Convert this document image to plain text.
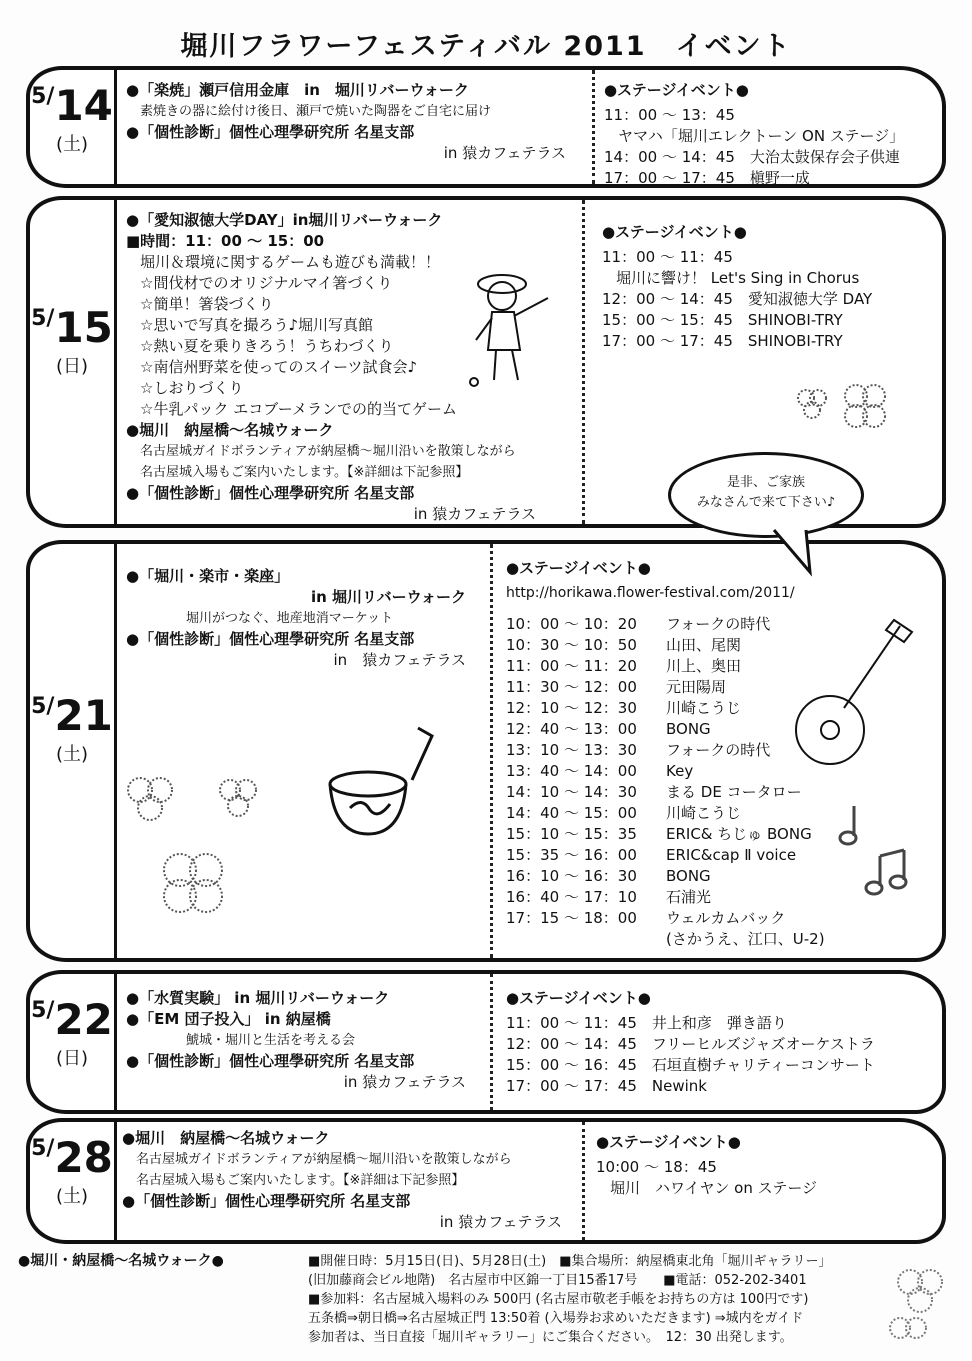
堀川フラワーフェスティバル 2011　イベント
5/14
(土)
●「楽焼」瀬戸信用金庫　in　堀川リバーウォーク
素焼きの器に絵付け後日、瀬戸で焼いた陶器をご自宅に届け
●「個性診断」個性心理學研究所 名星支部
in 猿カフェテラス
●ステージイベント●
11：00 〜 13：45
ヤマハ「堀川エレクトーン ON ステージ」
14：00 〜 14：45　大治太鼓保存会子供連
17：00 〜 17：45　槇野一成
5/15
(日)
●「愛知淑徳大学DAY」in堀川リバーウォーク
■時間：11：00 〜 15：00
堀川＆環境に関するゲームも遊びも満載！！
☆間伐材でのオリジナルマイ箸づくり
☆簡単！箸袋づくり
☆思いで写真を撮ろう♪堀川写真館
☆熱い夏を乗りきろう！うちわづくり
☆南信州野菜を使ってのスイーツ試食会♪
☆しおりづくり
☆牛乳パック エコブーメランでの的当てゲーム
●堀川　納屋橋〜名城ウォーク
名古屋城ガイドボランティアが納屋橋〜堀川沿いを散策しながら
名古屋城入場もご案内いたします。【※詳細は下記参照】
●「個性診断」個性心理學研究所 名星支部
in 猿カフェテラス
●ステージイベント●
11：00 〜 11：45
堀川に響け！ Let's Sing in Chorus
12：00 〜 14：45　愛知淑徳大学 DAY
15：00 〜 15：45　SHINOBI-TRY
17：00 〜 17：45　SHINOBI-TRY
5/21
(土)
●「堀川・楽市・楽座」
in 堀川リバーウォーク
堀川がつなぐ、地産地消マーケット
●「個性診断」個性心理學研究所 名星支部
in　猿カフェテラス
●ステージイベント●
http://horikawa.flower-festival.com/2011/
10：00 〜 10：20	フォークの時代
10：30 〜 10：50	山田、尾関
11：00 〜 11：20	川上、奥田
11：30 〜 12：00	元田陽周
12：10 〜 12：30	川崎こうじ
12：40 〜 13：00	BONG
13：10 〜 13：30	フォークの時代
13：40 〜 14：00	Key
14：10 〜 14：30	まる DE コータロー
14：40 〜 15：00	川崎こうじ
15：10 〜 15：35	ERIC& ちじゅ BONG
15：35 〜 16：00	ERIC&cap Ⅱ voice
16：10 〜 16：30	BONG
16：40 〜 17：10	石浦光
17：15 〜 18：00	ウェルカムバック
(さかうえ、江口、U-2)
5/22
(日)
●「水質実験」 in 堀川リバーウォーク
●「EM 団子投入」 in 納屋橋
鯱城・堀川と生活を考える会
●「個性診断」個性心理學研究所 名星支部
in 猿カフェテラス
●ステージイベント●
11：00 〜 11：45　井上和彦　弾き語り
12：00 〜 14：45　フリーヒルズジャズオーケストラ
15：00 〜 16：45　石垣直樹チャリティーコンサート
17：00 〜 17：45　Newink
5/28
(土)
●堀川　納屋橋〜名城ウォーク
名古屋城ガイドボランティアが納屋橋〜堀川沿いを散策しながら
名古屋城入場もご案内いたします。【※詳細は下記参照】
●「個性診断」個性心理學研究所 名星支部
in 猿カフェテラス
●ステージイベント●
10:00 〜 18：45
堀川　ハワイヤン on ステージ
是非、ご家族
みなさんで来て下さい♪
●堀川・納屋橋〜名城ウォーク●	■開催日時：5月15日(日)、5月28日(土)　■集合場所：納屋橋東北角「堀川ギャラリー」
(旧加藤商会ビル地階)　名古屋市中区錦一丁目15番17号　　■電話：052-202-3401
■参加料：名古屋城入場料のみ 500円 (名古屋市敬老手帳をお持ちの方は 100円です)
五条橋⇒朝日橋⇒名古屋城正門 13:50着 (入場券お求めいただきます) ⇒城内をガイド
参加者は、当日直接「堀川ギャラリー」にご集合ください。　12：30 出発します。
